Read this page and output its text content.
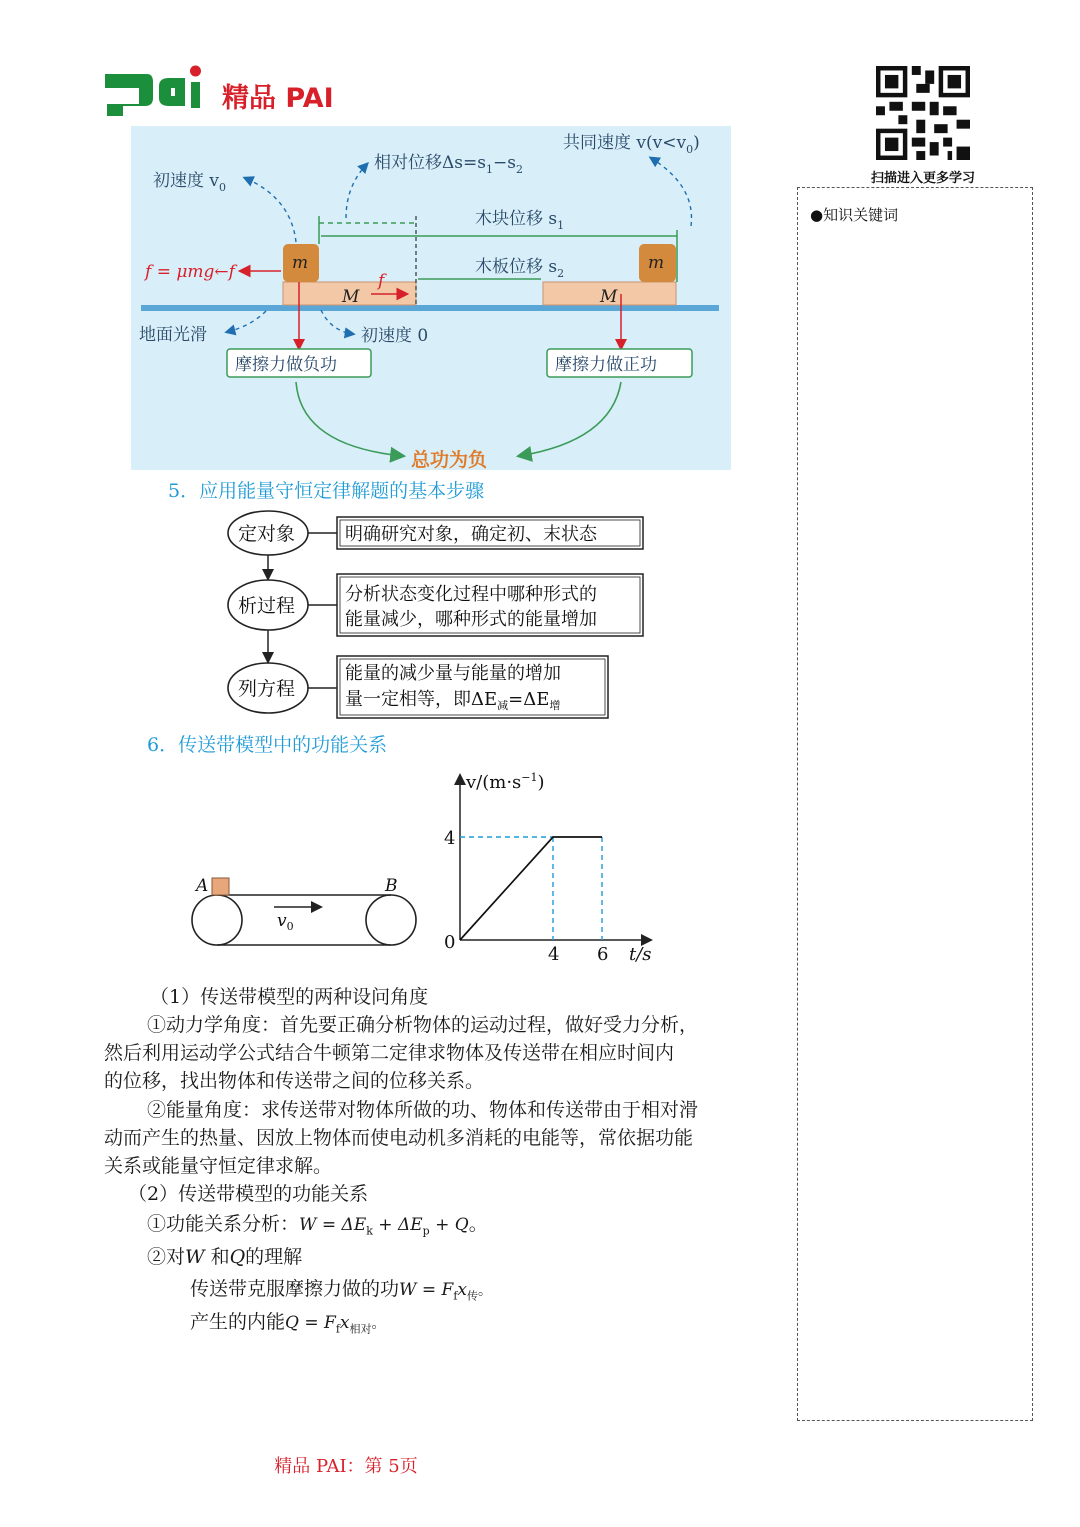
精品 PAI
扫描进入更多学习
●知识关键词
m	m
M	M
木块位移 $s_1$
木板位移 $s_2$
f = μmg←f	f
初速度 $v_0$
相对位移$\Delta s=s_1-s_2$
共同速度 $v(v<v_0)$
地面光滑	初速度 0
摩擦力做负功	摩擦力做正功
总功为负
5．应用能量守恒定律解题的基本步骤
定对象
析过程
列方程
明确研究对象，确定初、末状态
分析状态变化过程中哪种形式的
能量减少，哪种形式的能量增加
能量的减少量与能量的增加
量一定相等，即$\Delta E_减=\Delta E_增$
6．传送带模型中的功能关系
A	B
$v_0$
$v/(m\cdot s^{-1})$
t/s
0
4
4 6
（1）传送带模型的两种设问角度
①动力学角度：首先要正确分析物体的运动过程，做好受力分析，
然后利用运动学公式结合牛顿第二定律求物体及传送带在相应时间内
的位移，找出物体和传送带之间的位移关系。
②能量角度：求传送带对物体所做的功、物体和传送带由于相对滑
动而产生的热量、因放上物体而使电动机多消耗的电能等，常依据功能
关系或能量守恒定律求解。
（2）传送带模型的功能关系
①功能关系分析：$W = \Delta E_k + \Delta E_p + Q$。
②对W 和Q的理解
传送带克服摩擦力做的功$W = F_fx_传$。
产生的内能$Q = F_fx_{相对}$。
精品 PAI：第 5页
